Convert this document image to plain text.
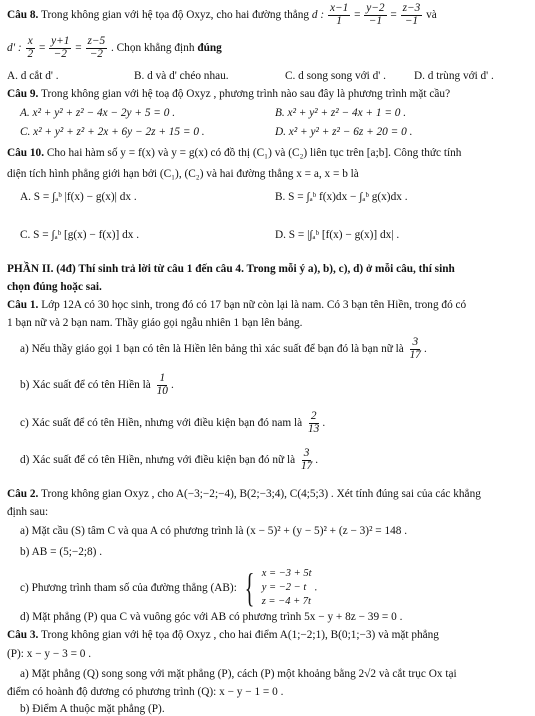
Câu 8. Trong không gian với hệ tọa độ Oxyz, cho hai đường thẳng d : $\frac{x-1}{1} = \frac{y-2}{-1} = \frac{z-3}{-1}$ và
d' : $\frac{x}{2} = \frac{y+1}{-2} = \frac{z-5}{-2}$ . Chọn khẳng định đúng
A. d cắt d' .	B. d và d' chéo nhau.	C. d song song với d' . D. d trùng với d' .
Câu 9. Trong không gian với hệ toạ độ Oxyz , phương trình nào sau đây là phương trình mặt cầu?
A. x² + y² + z² − 4x − 2y + 5 = 0 .	B. x² + y² + z² − 4x + 1 = 0 .
C. x² + y² + z² + 2x + 6y − 2z + 15 = 0 .	D. x² + y² + z² − 6z + 20 = 0 .
Câu 10. Cho hai hàm số y = f(x) và y = g(x) có đồ thị (C₁) và (C₂) liên tục trên [a;b]. Công thức tính
diện tích hình phẳng giới hạn bởi (C₁), (C₂) và hai đường thẳng x = a, x = b là
A. S = ∫ₐᵇ |f(x) − g(x)| dx .	B. S = ∫ₐᵇ f(x)dx − ∫ₐᵇ g(x)dx .
C. S = ∫ₐᵇ [g(x) − f(x)] dx .	D. S = |∫ₐᵇ [f(x) − g(x)] dx| .
PHẦN II. (4đ) Thí sinh trả lời từ câu 1 đến câu 4. Trong mỗi ý a), b), c), d) ở mỗi câu, thí sinh
chọn đúng hoặc sai.
Câu 1. Lớp 12A có 30 học sinh, trong đó có 17 bạn nữ còn lại là nam. Có 3 bạn tên Hiền, trong đó có
1 bạn nữ và 2 bạn nam. Thầy giáo gọi ngẫu nhiên 1 bạn lên bảng.
a) Nếu thầy giáo gọi 1 bạn có tên là Hiền lên bảng thì xác suất để bạn đó là bạn nữ là $\frac{3}{17}$ .
b) Xác suất để có tên Hiền là $\frac{1}{10}$ .
c) Xác suất để có tên Hiền, nhưng với điều kiện bạn đó nam là $\frac{2}{13}$ .
d) Xác suất để có tên Hiền, nhưng với điều kiện bạn đó nữ là $\frac{3}{17}$ .
Câu 2. Trong không gian Oxyz , cho A(−3;−2;−4), B(2;−3;4), C(4;5;3) . Xét tính đúng sai của các khẳng
định sau:
a) Mặt cầu (S) tâm C và qua A có phương trình là (x − 5)² + (y − 5)² + (z − 3)² = 148 .
b) AB = (5;−2;8) .
c) Phương trình tham số của đường thẳng (AB): { x = −3 + 5t
y = −2 − t
z = −4 + 7t
.
d) Mặt phẳng (P) qua C và vuông góc với AB có phương trình 5x − y + 8z − 39 = 0 .
Câu 3. Trong không gian với hệ tọa độ Oxyz , cho hai điểm A(1;−2;1), B(0;1;−3) và mặt phẳng
(P): x − y − 3 = 0 .
a) Mặt phẳng (Q) song song với mặt phẳng (P), cách (P) một khoảng bằng 2√2 và cắt trục Ox tại
điểm có hoành độ dương có phương trình (Q): x − y − 1 = 0 .
b) Điểm A thuộc mặt phẳng (P).
